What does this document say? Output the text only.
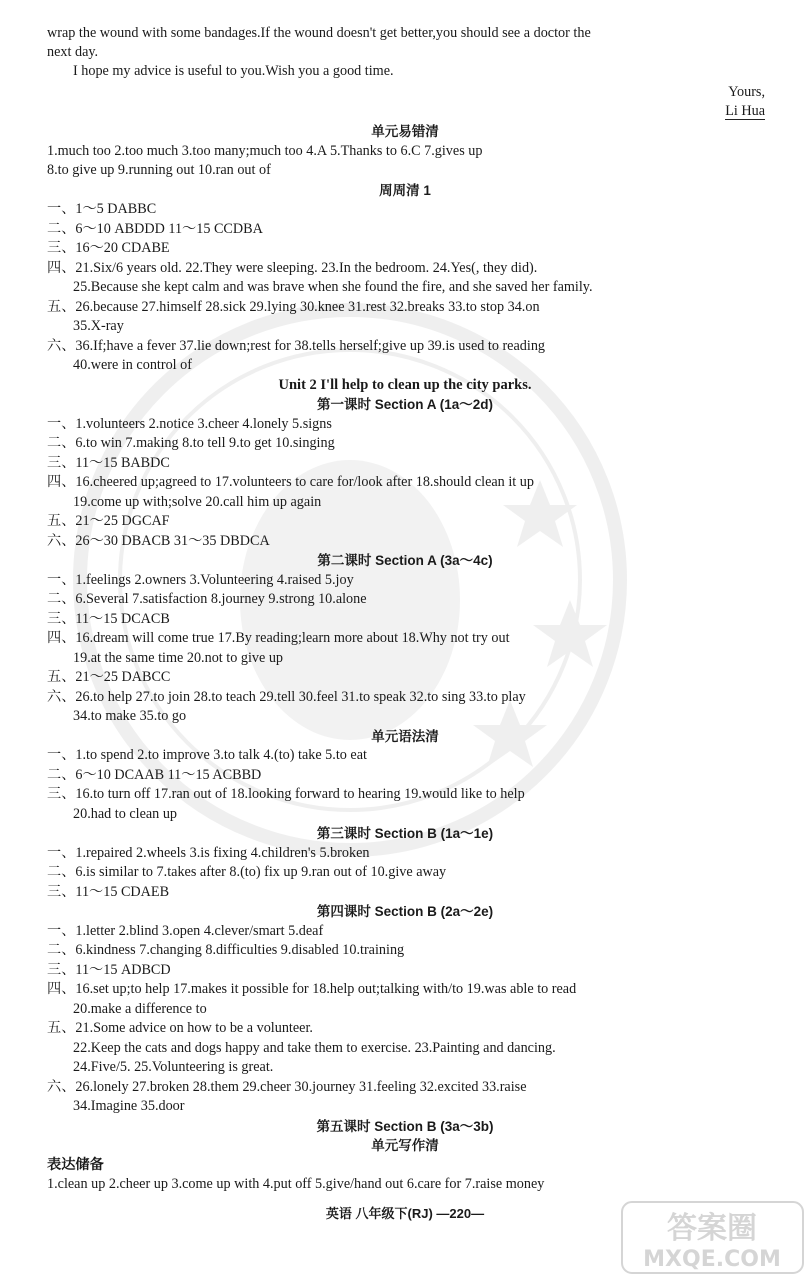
wrap the wound with some bandages.If the wound doesn't get better,you should see a doctor the
next day.
I hope my advice is useful to you.Wish you a good time.
Yours,
Li Hua
单元易错清
1.much too 2.too much 3.too many;much too 4.A 5.Thanks to 6.C 7.gives up
8.to give up 9.running out 10.ran out of
周周清 1
一、1～5 DABBC
二、6～10 ABDDD 11～15 CCDBA
三、16～20 CDABE
四、21.Six/6 years old. 22.They were sleeping. 23.In the bedroom. 24.Yes(, they did).
25.Because she kept calm and was brave when she found the fire, and she saved her family.
五、26.because 27.himself 28.sick 29.lying 30.knee 31.rest 32.breaks 33.to stop 34.on
35.X-ray
六、36.If;have a fever 37.lie down;rest for 38.tells herself;give up 39.is used to reading
40.were in control of
Unit 2 I'll help to clean up the city parks.
第一课时 Section A (1a～2d)
一、1.volunteers 2.notice 3.cheer 4.lonely 5.signs
二、6.to win 7.making 8.to tell 9.to get 10.singing
三、11～15 BABDC
四、16.cheered up;agreed to 17.volunteers to care for/look after 18.should clean it up
19.come up with;solve 20.call him up again
五、21～25 DGCAF
六、26～30 DBACB 31～35 DBDCA
第二课时 Section A (3a～4c)
一、1.feelings 2.owners 3.Volunteering 4.raised 5.joy
二、6.Several 7.satisfaction 8.journey 9.strong 10.alone
三、11～15 DCACB
四、16.dream will come true 17.By reading;learn more about 18.Why not try out
19.at the same time 20.not to give up
五、21～25 DABCC
六、26.to help 27.to join 28.to teach 29.tell 30.feel 31.to speak 32.to sing 33.to play
34.to make 35.to go
单元语法清
一、1.to spend 2.to improve 3.to talk 4.(to) take 5.to eat
二、6～10 DCAAB 11～15 ACBBD
三、16.to turn off 17.ran out of 18.looking forward to hearing 19.would like to help
20.had to clean up
第三课时 Section B (1a～1e)
一、1.repaired 2.wheels 3.is fixing 4.children's 5.broken
二、6.is similar to 7.takes after 8.(to) fix up 9.ran out of 10.give away
三、11～15 CDAEB
第四课时 Section B (2a～2e)
一、1.letter 2.blind 3.open 4.clever/smart 5.deaf
二、6.kindness 7.changing 8.difficulties 9.disabled 10.training
三、11～15 ADBCD
四、16.set up;to help 17.makes it possible for 18.help out;talking with/to 19.was able to read
20.make a difference to
五、21.Some advice on how to be a volunteer.
22.Keep the cats and dogs happy and take them to exercise. 23.Painting and dancing.
24.Five/5. 25.Volunteering is great.
六、26.lonely 27.broken 28.them 29.cheer 30.journey 31.feeling 32.excited 33.raise
34.Imagine 35.door
第五课时 Section B (3a～3b)
单元写作清
表达储备
1.clean up 2.cheer up 3.come up with 4.put off 5.give/hand out 6.care for 7.raise money
英语 八年级下(RJ) —220—	答案圈
MXQE.COM
